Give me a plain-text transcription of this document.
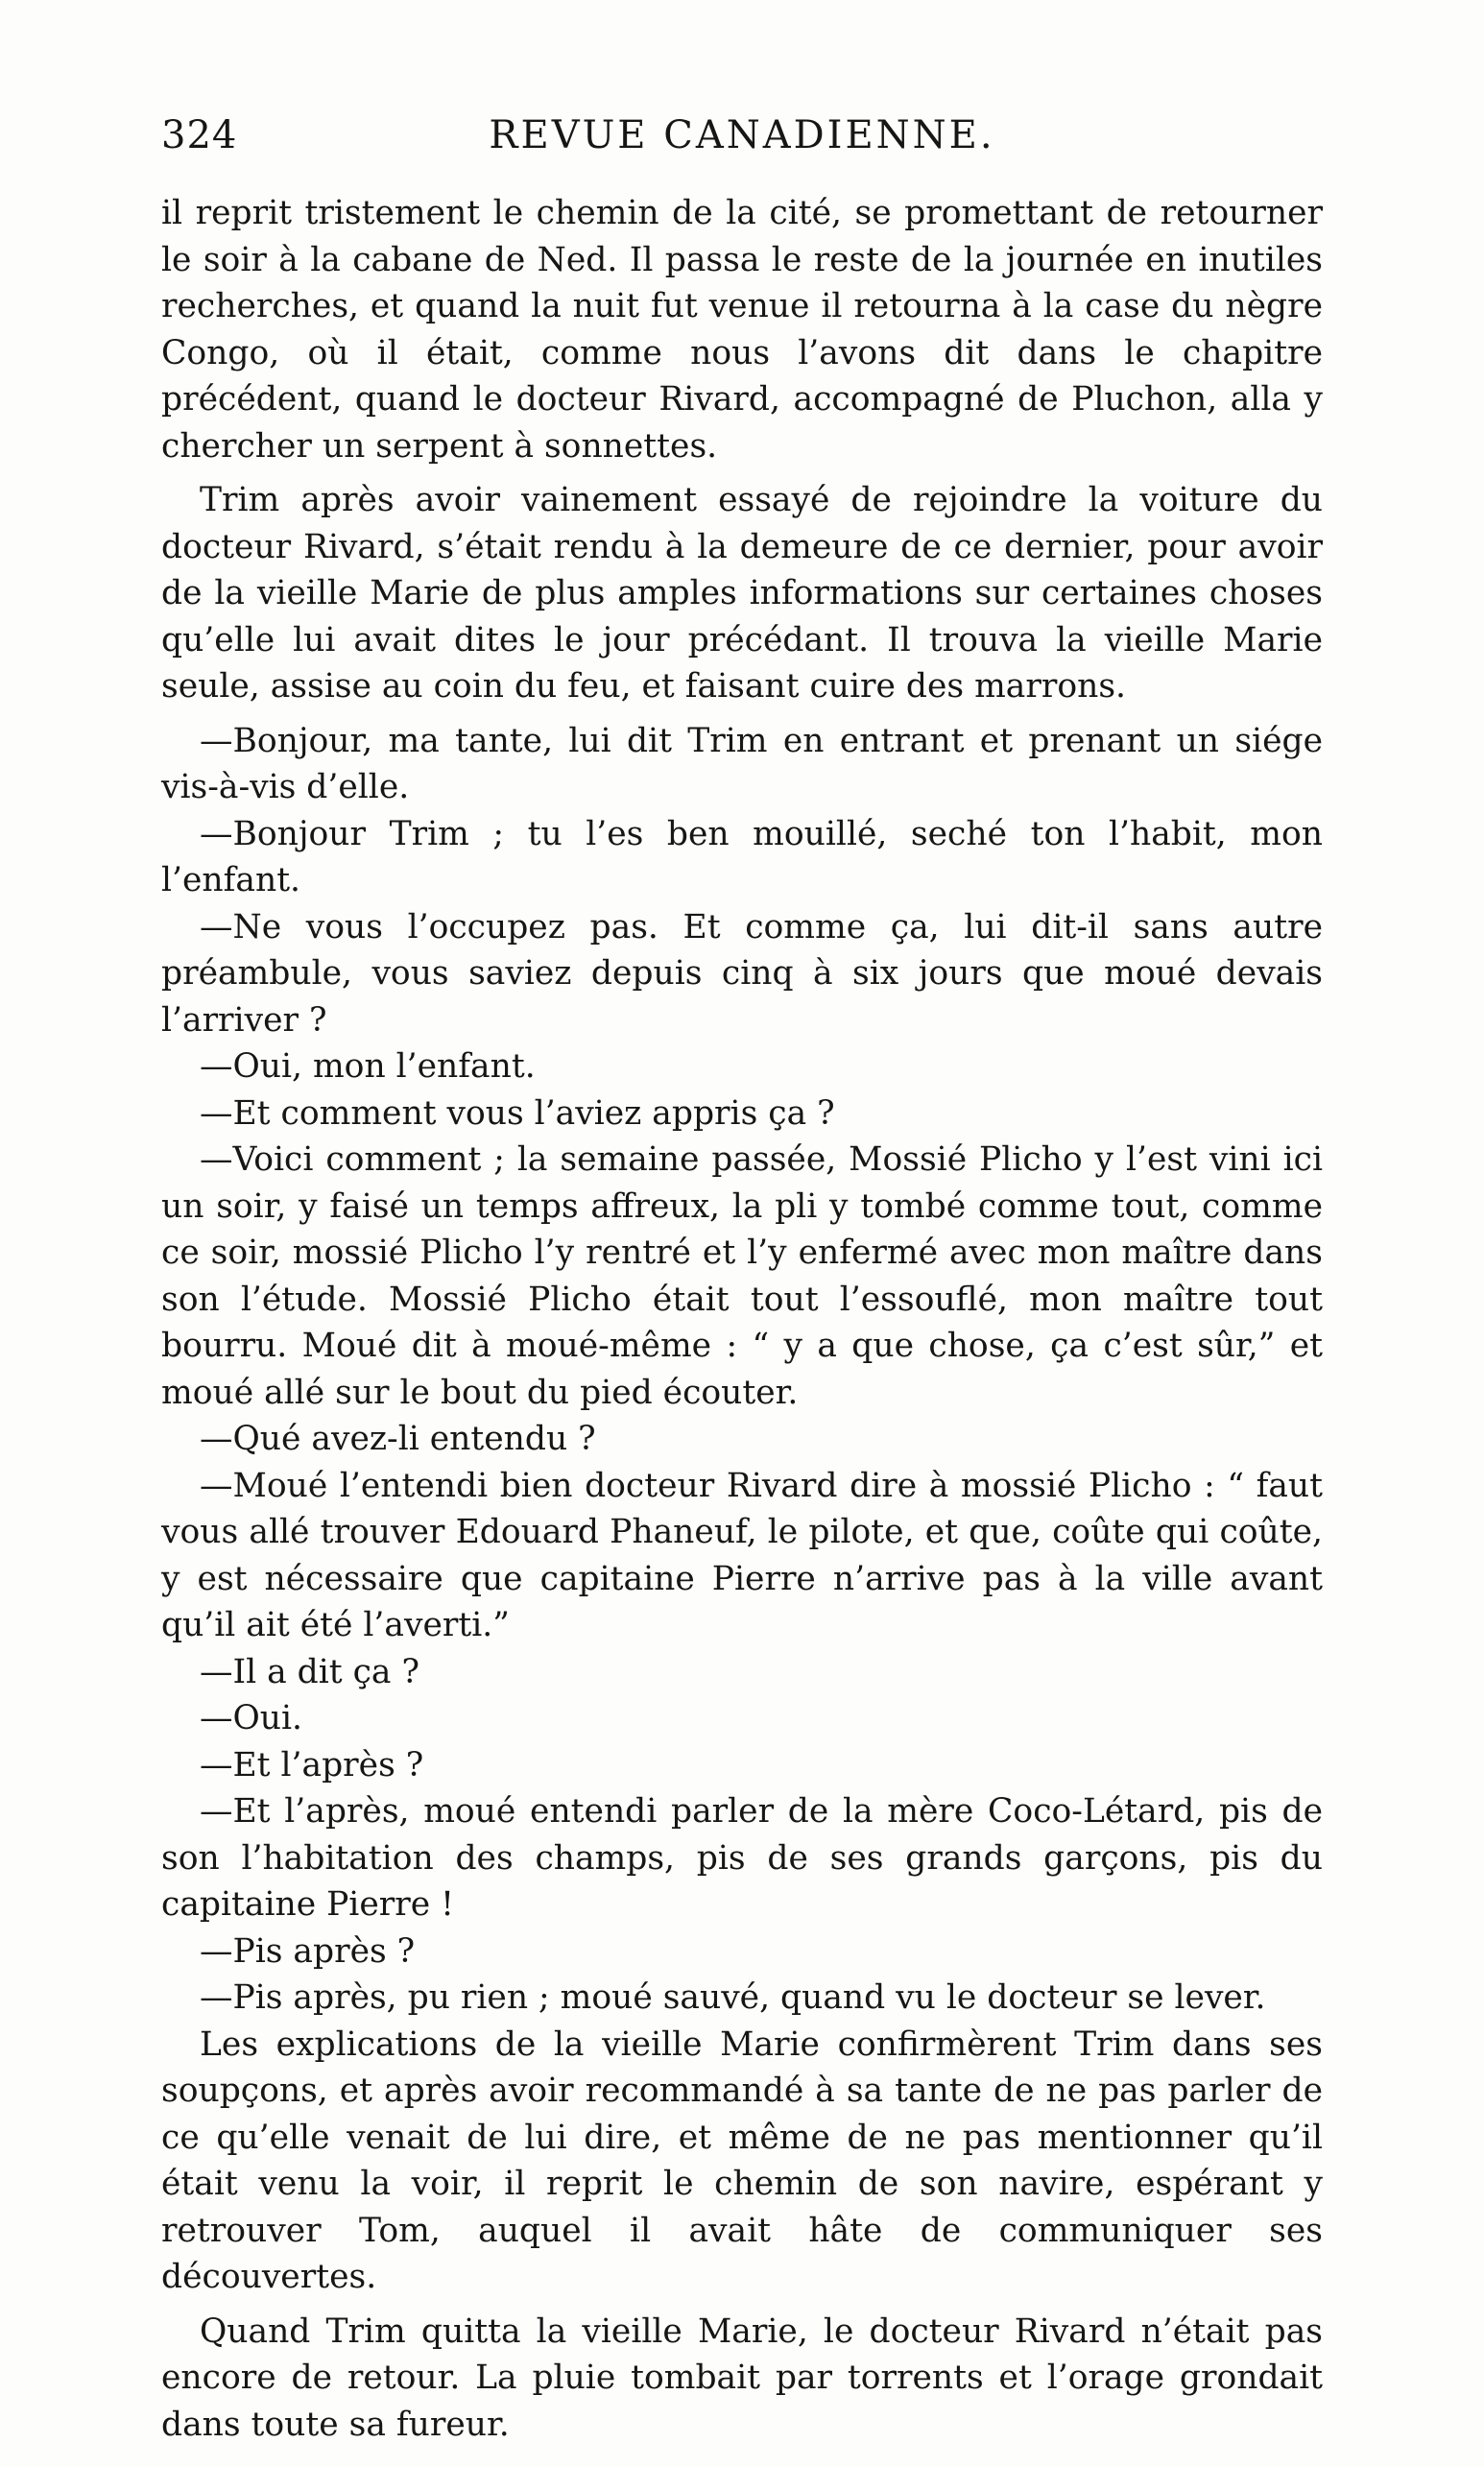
324	REVUE CANADIENNE.

il reprit tristement le chemin de la cité, se promettant de retourner le soir à la cabane de Ned. Il passa le reste de la journée en inutiles recherches, et quand la nuit fut venue il retourna à la case du nègre Congo, où il était, comme nous l’avons dit dans le chapitre précédent, quand le docteur Rivard, accompagné de Pluchon, alla y chercher un serpent à sonnettes.

Trim après avoir vainement essayé de rejoindre la voiture du docteur Rivard, s’était rendu à la demeure de ce dernier, pour avoir de la vieille Marie de plus amples informations sur certaines choses qu’elle lui avait dites le jour précédant. Il trouva la vieille Marie seule, assise au coin du feu, et faisant cuire des marrons.

—Bonjour, ma tante, lui dit Trim en entrant et prenant un siége vis-à-vis d’elle.

—Bonjour Trim ; tu l’es ben mouillé, seché ton l’habit, mon l’enfant.

—Ne vous l’occupez pas. Et comme ça, lui dit-il sans autre préambule, vous saviez depuis cinq à six jours que moué devais l’arriver ?

—Oui, mon l’enfant.

—Et comment vous l’aviez appris ça ?

—Voici comment ; la semaine passée, Mossié Plicho y l’est vini ici un soir, y faisé un temps affreux, la pli y tombé comme tout, comme ce soir, mossié Plicho l’y rentré et l’y enfermé avec mon maître dans son l’étude. Mossié Plicho était tout l’essouflé, mon maître tout bourru. Moué dit à moué-même : “ y a que chose, ça c’est sûr,” et moué allé sur le bout du pied écouter.

—Qué avez-li entendu ?

—Moué l’entendi bien docteur Rivard dire à mossié Plicho : “ faut vous allé trouver Edouard Phaneuf, le pilote, et que, coûte qui coûte, y est nécessaire que capitaine Pierre n’arrive pas à la ville avant qu’il ait été l’averti.”

—Il a dit ça ?

—Oui.

—Et l’après ?

—Et l’après, moué entendi parler de la mère Coco-Létard, pis de son l’habitation des champs, pis de ses grands garçons, pis du capitaine Pierre !

—Pis après ?

—Pis après, pu rien ; moué sauvé, quand vu le docteur se lever.

Les explications de la vieille Marie confirmèrent Trim dans ses soupçons, et après avoir recommandé à sa tante de ne pas parler de ce qu’elle venait de lui dire, et même de ne pas mentionner qu’il était venu la voir, il reprit le chemin de son navire, espérant y retrouver Tom, auquel il avait hâte de communiquer ses découvertes.

Quand Trim quitta la vieille Marie, le docteur Rivard n’était pas encore de retour. La pluie tombait par torrents et l’orage grondait dans toute sa fureur.
